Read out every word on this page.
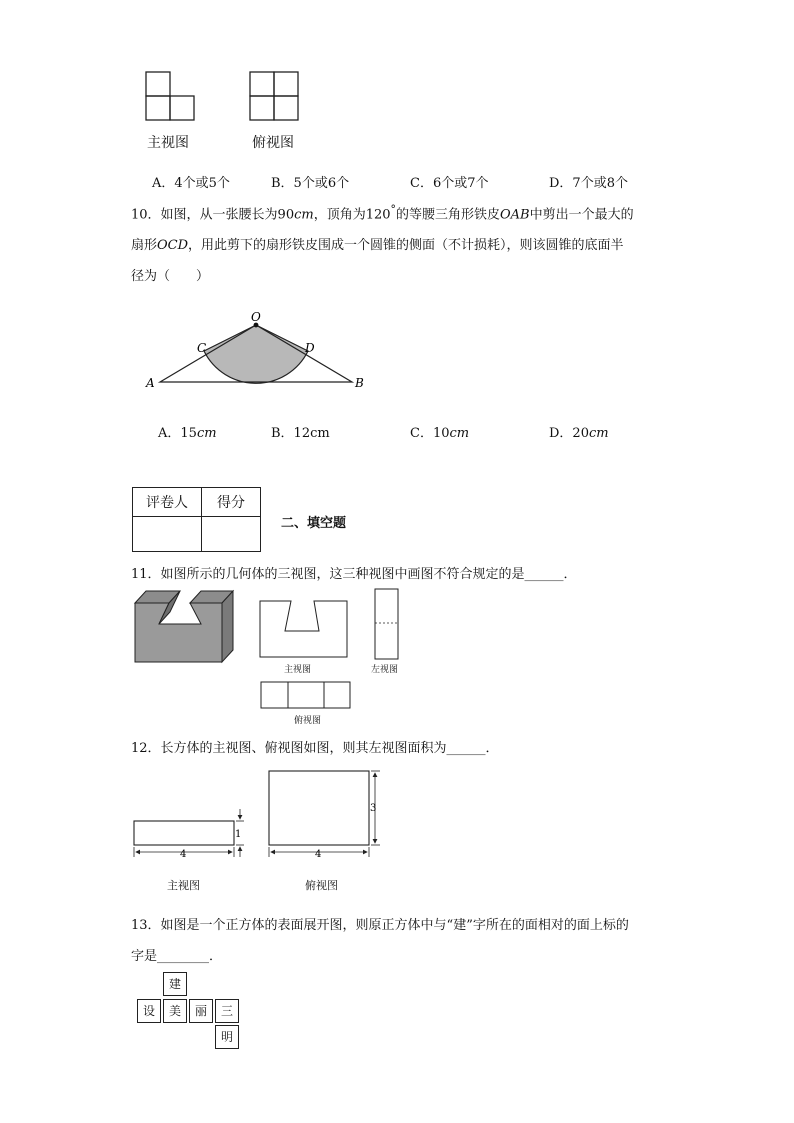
主视图	俯视图
A．4个或5个	B．5个或6个	C．6个或7个	D．7个或8个
10．如图，从一张腰长为90cm，顶角为120°的等腰三角形铁皮OAB中剪出一个最大的
扇形OCD，用此剪下的扇形铁皮围成一个圆锥的侧面（不计损耗），则该圆锥的底面半
径为（　　）
O
C	D
A	B
A．15cm	B．12cm	C．10cm	D．20cm
评卷人	得分

二、填空题
11．如图所示的几何体的三视图，这三种视图中画图不符合规定的是______．
主视图	左视图
俯视图
12．长方体的主视图、俯视图如图，则其左视图面积为______．
4
1
4
3
主视图	俯视图
13．如图是一个正方体的表面展开图，则原正方体中与“建”字所在的面相对的面上标的
字是________．
建
设	美	丽	三
明
